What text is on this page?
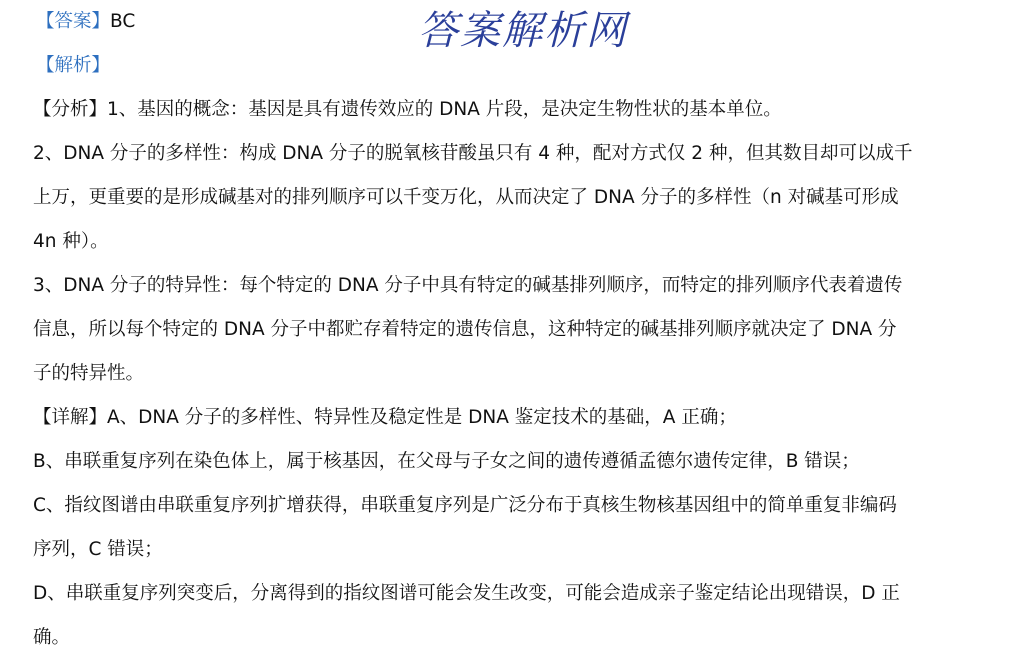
答案解析网
【答案】BC
【解析】
【分析】1、基因的概念：基因是具有遗传效应的 DNA 片段，是决定生物性状的基本单位。
2、DNA 分子的多样性：构成 DNA 分子的脱氧核苷酸虽只有 4 种，配对方式仅 2 种，但其数目却可以成千
上万，更重要的是形成碱基对的排列顺序可以千变万化，从而决定了 DNA 分子的多样性（n 对碱基可形成
4n 种）。
3、DNA 分子的特异性：每个特定的 DNA 分子中具有特定的碱基排列顺序，而特定的排列顺序代表着遗传
信息，所以每个特定的 DNA 分子中都贮存着特定的遗传信息，这种特定的碱基排列顺序就决定了 DNA 分
子的特异性。
【详解】A、DNA 分子的多样性、特异性及稳定性是 DNA 鉴定技术的基础，A 正确；
B、串联重复序列在染色体上，属于核基因，在父母与子女之间的遗传遵循孟德尔遗传定律，B 错误；
C、指纹图谱由串联重复序列扩增获得，串联重复序列是广泛分布于真核生物核基因组中的简单重复非编码
序列，C 错误；
D、串联重复序列突变后，分离得到的指纹图谱可能会发生改变，可能会造成亲子鉴定结论出现错误，D 正
确。
